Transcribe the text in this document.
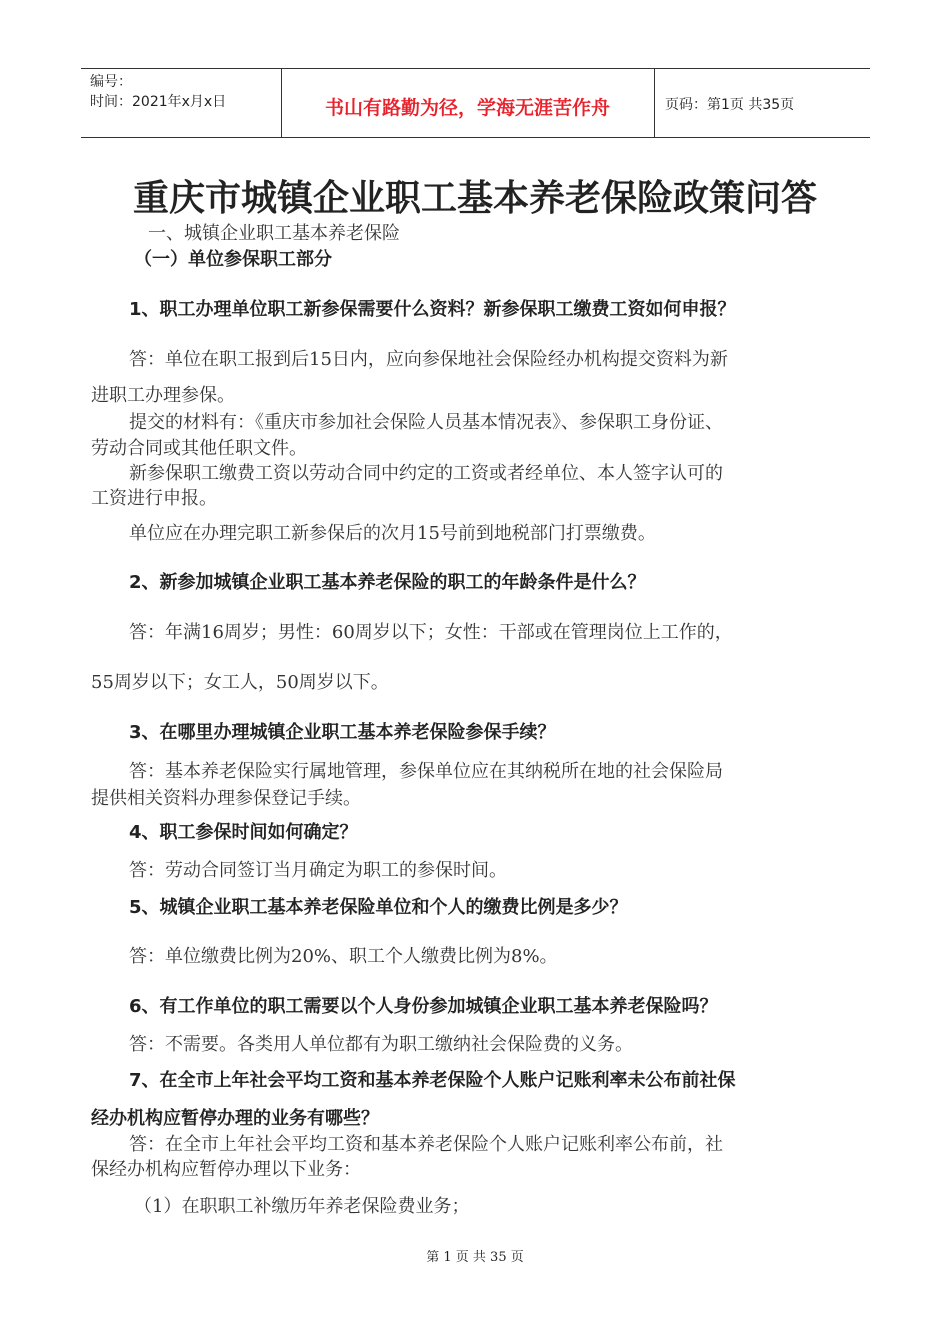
编号：
时间：2021年x月x日	书山有路勤为径，学海无涯苦作舟	页码：第1页 共35页
重庆市城镇企业职工基本养老保险政策问答
一、城镇企业职工基本养老保险
（一）单位参保职工部分
1、职工办理单位职工新参保需要什么资料？新参保职工缴费工资如何申报？
答：单位在职工报到后15日内，应向参保地社会保险经办机构提交资料为新
进职工办理参保。
提交的材料有：《重庆市参加社会保险人员基本情况表》、参保职工身份证、
劳动合同或其他任职文件。
新参保职工缴费工资以劳动合同中约定的工资或者经单位、本人签字认可的
工资进行申报。
单位应在办理完职工新参保后的次月15号前到地税部门打票缴费。
2、新参加城镇企业职工基本养老保险的职工的年龄条件是什么？
答：年满16周岁；男性：60周岁以下；女性：干部或在管理岗位上工作的，
55周岁以下；女工人，50周岁以下。
3、在哪里办理城镇企业职工基本养老保险参保手续？
答：基本养老保险实行属地管理，参保单位应在其纳税所在地的社会保险局
提供相关资料办理参保登记手续。
4、职工参保时间如何确定？
答：劳动合同签订当月确定为职工的参保时间。
5、城镇企业职工基本养老保险单位和个人的缴费比例是多少？
答：单位缴费比例为20%、职工个人缴费比例为8%。
6、有工作单位的职工需要以个人身份参加城镇企业职工基本养老保险吗？
答：不需要。各类用人单位都有为职工缴纳社会保险费的义务。
7、在全市上年社会平均工资和基本养老保险个人账户记账利率未公布前社保
经办机构应暂停办理的业务有哪些？
答：在全市上年社会平均工资和基本养老保险个人账户记账利率公布前，社
保经办机构应暂停办理以下业务：
（1）在职职工补缴历年养老保险费业务；
第 1 页 共 35 页
